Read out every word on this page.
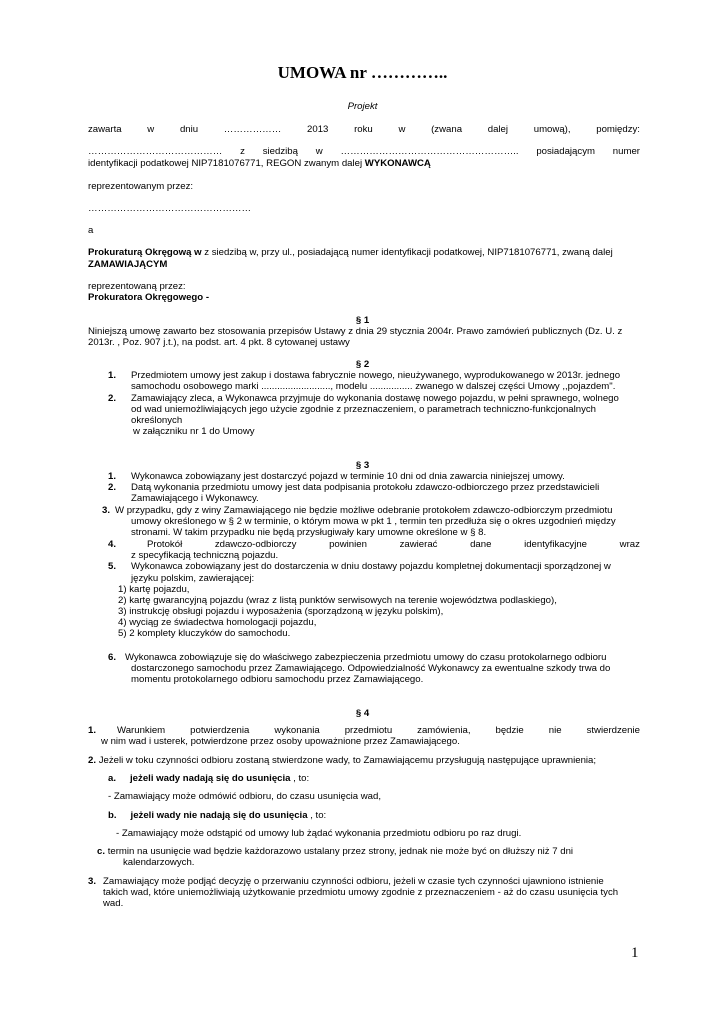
UMOWA nr …………..
Projekt
zawarta	w	dniu	………………	2013	roku	w	(zwana	dalej	umową),	pomiędzy:
…………………………………… z siedzibą w ……………………………………………….. posiadającym numer
identyfikacji podatkowej NIP7181076771, REGON zwanym dalej WYKONAWCĄ
reprezentowanym przez:
……………………………………………
a
Prokuraturą Okręgową w z siedzibą w, przy ul., posiadającą numer identyfikacji podatkowej, NIP7181076771, zwaną dalej
ZAMAWIAJĄCYM
reprezentowaną przez:
Prokuratora Okręgowego -
§ 1
Niniejszą umowę zawarto bez stosowania przepisów Ustawy z dnia 29 stycznia 2004r. Prawo zamówień publicznych (Dz. U. z
2013r. , Poz. 907 j.t.), na podst. art. 4 pkt. 8 cytowanej ustawy
§ 2
1. Przedmiotem umowy jest zakup i dostawa fabrycznie nowego, nieużywanego, wyprodukowanego w 2013r. jednego
samochodu osobowego marki .........................., modelu ................ zwanego w dalszej części Umowy ,,pojazdem".
2. Zamawiający zleca, a Wykonawca przyjmuje do wykonania dostawę nowego pojazdu, w pełni sprawnego, wolnego
od wad uniemożliwiających jego użycie zgodnie z przeznaczeniem, o parametrach techniczno-funkcjonalnych
określonych
w załączniku nr 1 do Umowy
§ 3
1. Wykonawca zobowiązany jest dostarczyć pojazd w terminie 10 dni od dnia zawarcia niniejszej umowy.
2. Datą wykonania przedmiotu umowy jest data podpisania protokołu zdawczo-odbiorczego przez przedstawicieli
Zamawiającego i Wykonawcy.
3. W przypadku, gdy z winy Zamawiającego nie będzie możliwe odebranie protokołem zdawczo-odbiorczym przedmiotu
umowy określonego w § 2 w terminie, o którym mowa w pkt 1 , termin ten przedłuża się o okres uzgodnień między
stronami. W takim przypadku nie będą przysługiwały kary umowne określone w § 8.
4.	Protokół	zdawczo-odbiorczy	powinien	zawierać	dane	identyfikacyjne	wraz
z specyfikacją techniczną pojazdu.
5. Wykonawca zobowiązany jest do dostarczenia w dniu dostawy pojazdu kompletnej dokumentacji sporządzonej w
języku polskim, zawierającej:
1) kartę pojazdu,
2) kartę gwarancyjną pojazdu (wraz z listą punktów serwisowych na terenie województwa podlaskiego),
3) instrukcję obsługi pojazdu i wyposażenia (sporządzoną w języku polskim),
4) wyciąg ze świadectwa homologacji pojazdu,
5) 2 komplety kluczyków do samochodu.
6. Wykonawca zobowiązuje się do właściwego zabezpieczenia przedmiotu umowy do czasu protokolarnego odbioru
dostarczonego samochodu przez Zamawiającego. Odpowiedzialność Wykonawcy za ewentualne szkody trwa do
momentu protokolarnego odbioru samochodu przez Zamawiającego.
§ 4
1. Warunkiem	potwierdzenia	wykonania	przedmiotu	zamówienia,	będzie	nie	stwierdzenie
w nim wad i usterek, potwierdzone przez osoby upoważnione przez Zamawiającego.
2. Jeżeli w toku czynności odbioru zostaną stwierdzone wady, to Zamawiającemu przysługują następujące uprawnienia;
a. jeżeli wady nadają się do usunięcia , to:
- Zamawiający może odmówić odbioru, do czasu usunięcia wad,
b. jeżeli wady nie nadają się do usunięcia , to:
- Zamawiający może odstąpić od umowy lub żądać wykonania przedmiotu odbioru po raz drugi.
c. termin na usunięcie wad będzie każdorazowo ustalany przez strony, jednak nie może być on dłuższy niż 7 dni
kalendarzowych.
3. Zamawiający może podjąć decyzję o przerwaniu czynności odbioru, jeżeli w czasie tych czynności ujawniono istnienie
takich wad, które uniemożliwiają użytkowanie przedmiotu umowy zgodnie z przeznaczeniem - aż do czasu usunięcia tych
wad.
1
